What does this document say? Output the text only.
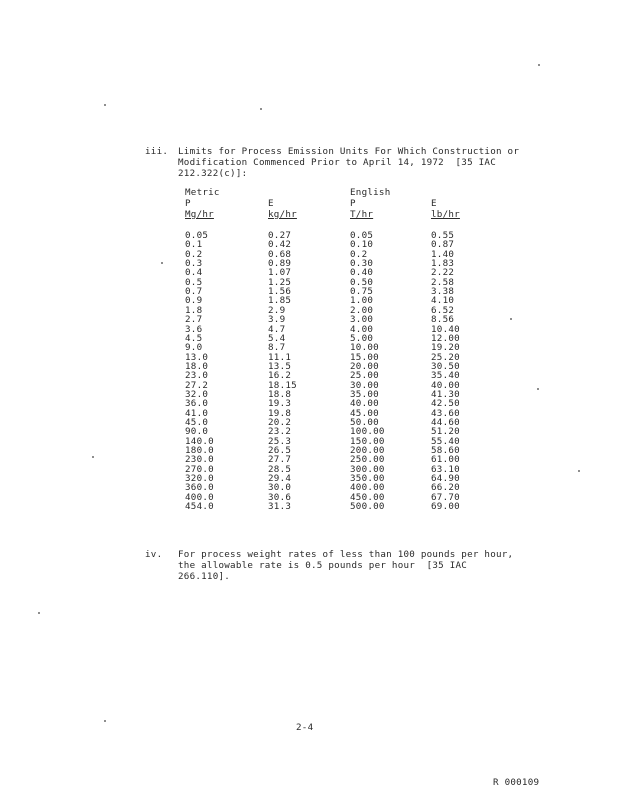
iii. Limits for Process Emission Units For Which Construction or
Modification Commenced Prior to April 14, 1972  [35 IAC
212.322(c)]:
Metric	English
P	E	P	E
Mg/hr	kg/hr	T/hr	lb/hr
0.05	0.27	0.05	0.55
0.1	0.42	0.10	0.87
0.2	0.68	0.2	1.40
0.3	0.89	0.30	1.83
0.4	1.07	0.40	2.22
0.5	1.25	0.50	2.58
0.7	1.56	0.75	3.38
0.9	1.85	1.00	4.10
1.8	2.9	2.00	6.52
2.7	3.9	3.00	8.56
3.6	4.7	4.00	10.40
4.5	5.4	5.00	12.00
9.0	8.7	10.00	19.20
13.0	11.1	15.00	25.20
18.0	13.5	20.00	30.50
23.0	16.2	25.00	35.40
27.2	18.15	30.00	40.00
32.0	18.8	35.00	41.30
36.0	19.3	40.00	42.50
41.0	19.8	45.00	43.60
45.0	20.2	50.00	44.60
90.0	23.2	100.00	51.20
140.0	25.3	150.00	55.40
180.0	26.5	200.00	58.60
230.0	27.7	250.00	61.00
270.0	28.5	300.00	63.10
320.0	29.4	350.00	64.90
360.0	30.0	400.00	66.20
400.0	30.6	450.00	67.70
454.0	31.3	500.00	69.00
iv. For process weight rates of less than 100 pounds per hour,
the allowable rate is 0.5 pounds per hour  [35 IAC
266.110].
2-4
R 000109
